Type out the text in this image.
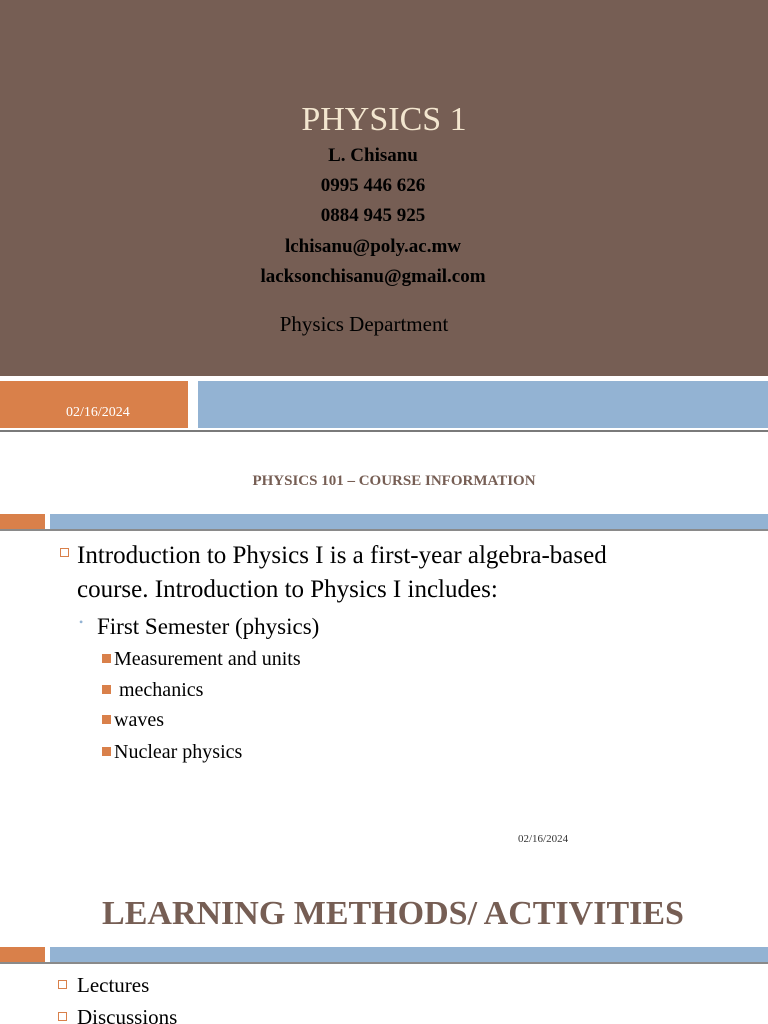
PHYSICS 1
L. Chisanu
0995 446 626
0884 945 925
lchisanu@poly.ac.mw
lacksonchisanu@gmail.com
Physics Department
02/16/2024
PHYSICS 101 – COURSE INFORMATION
Introduction to Physics I is a first-year algebra-based
course. Introduction to Physics I includes:
• First Semester (physics)
Measurement and units
mechanics
waves
Nuclear physics
02/16/2024
LEARNING METHODS/ ACTIVITIES
Lectures
Discussions
